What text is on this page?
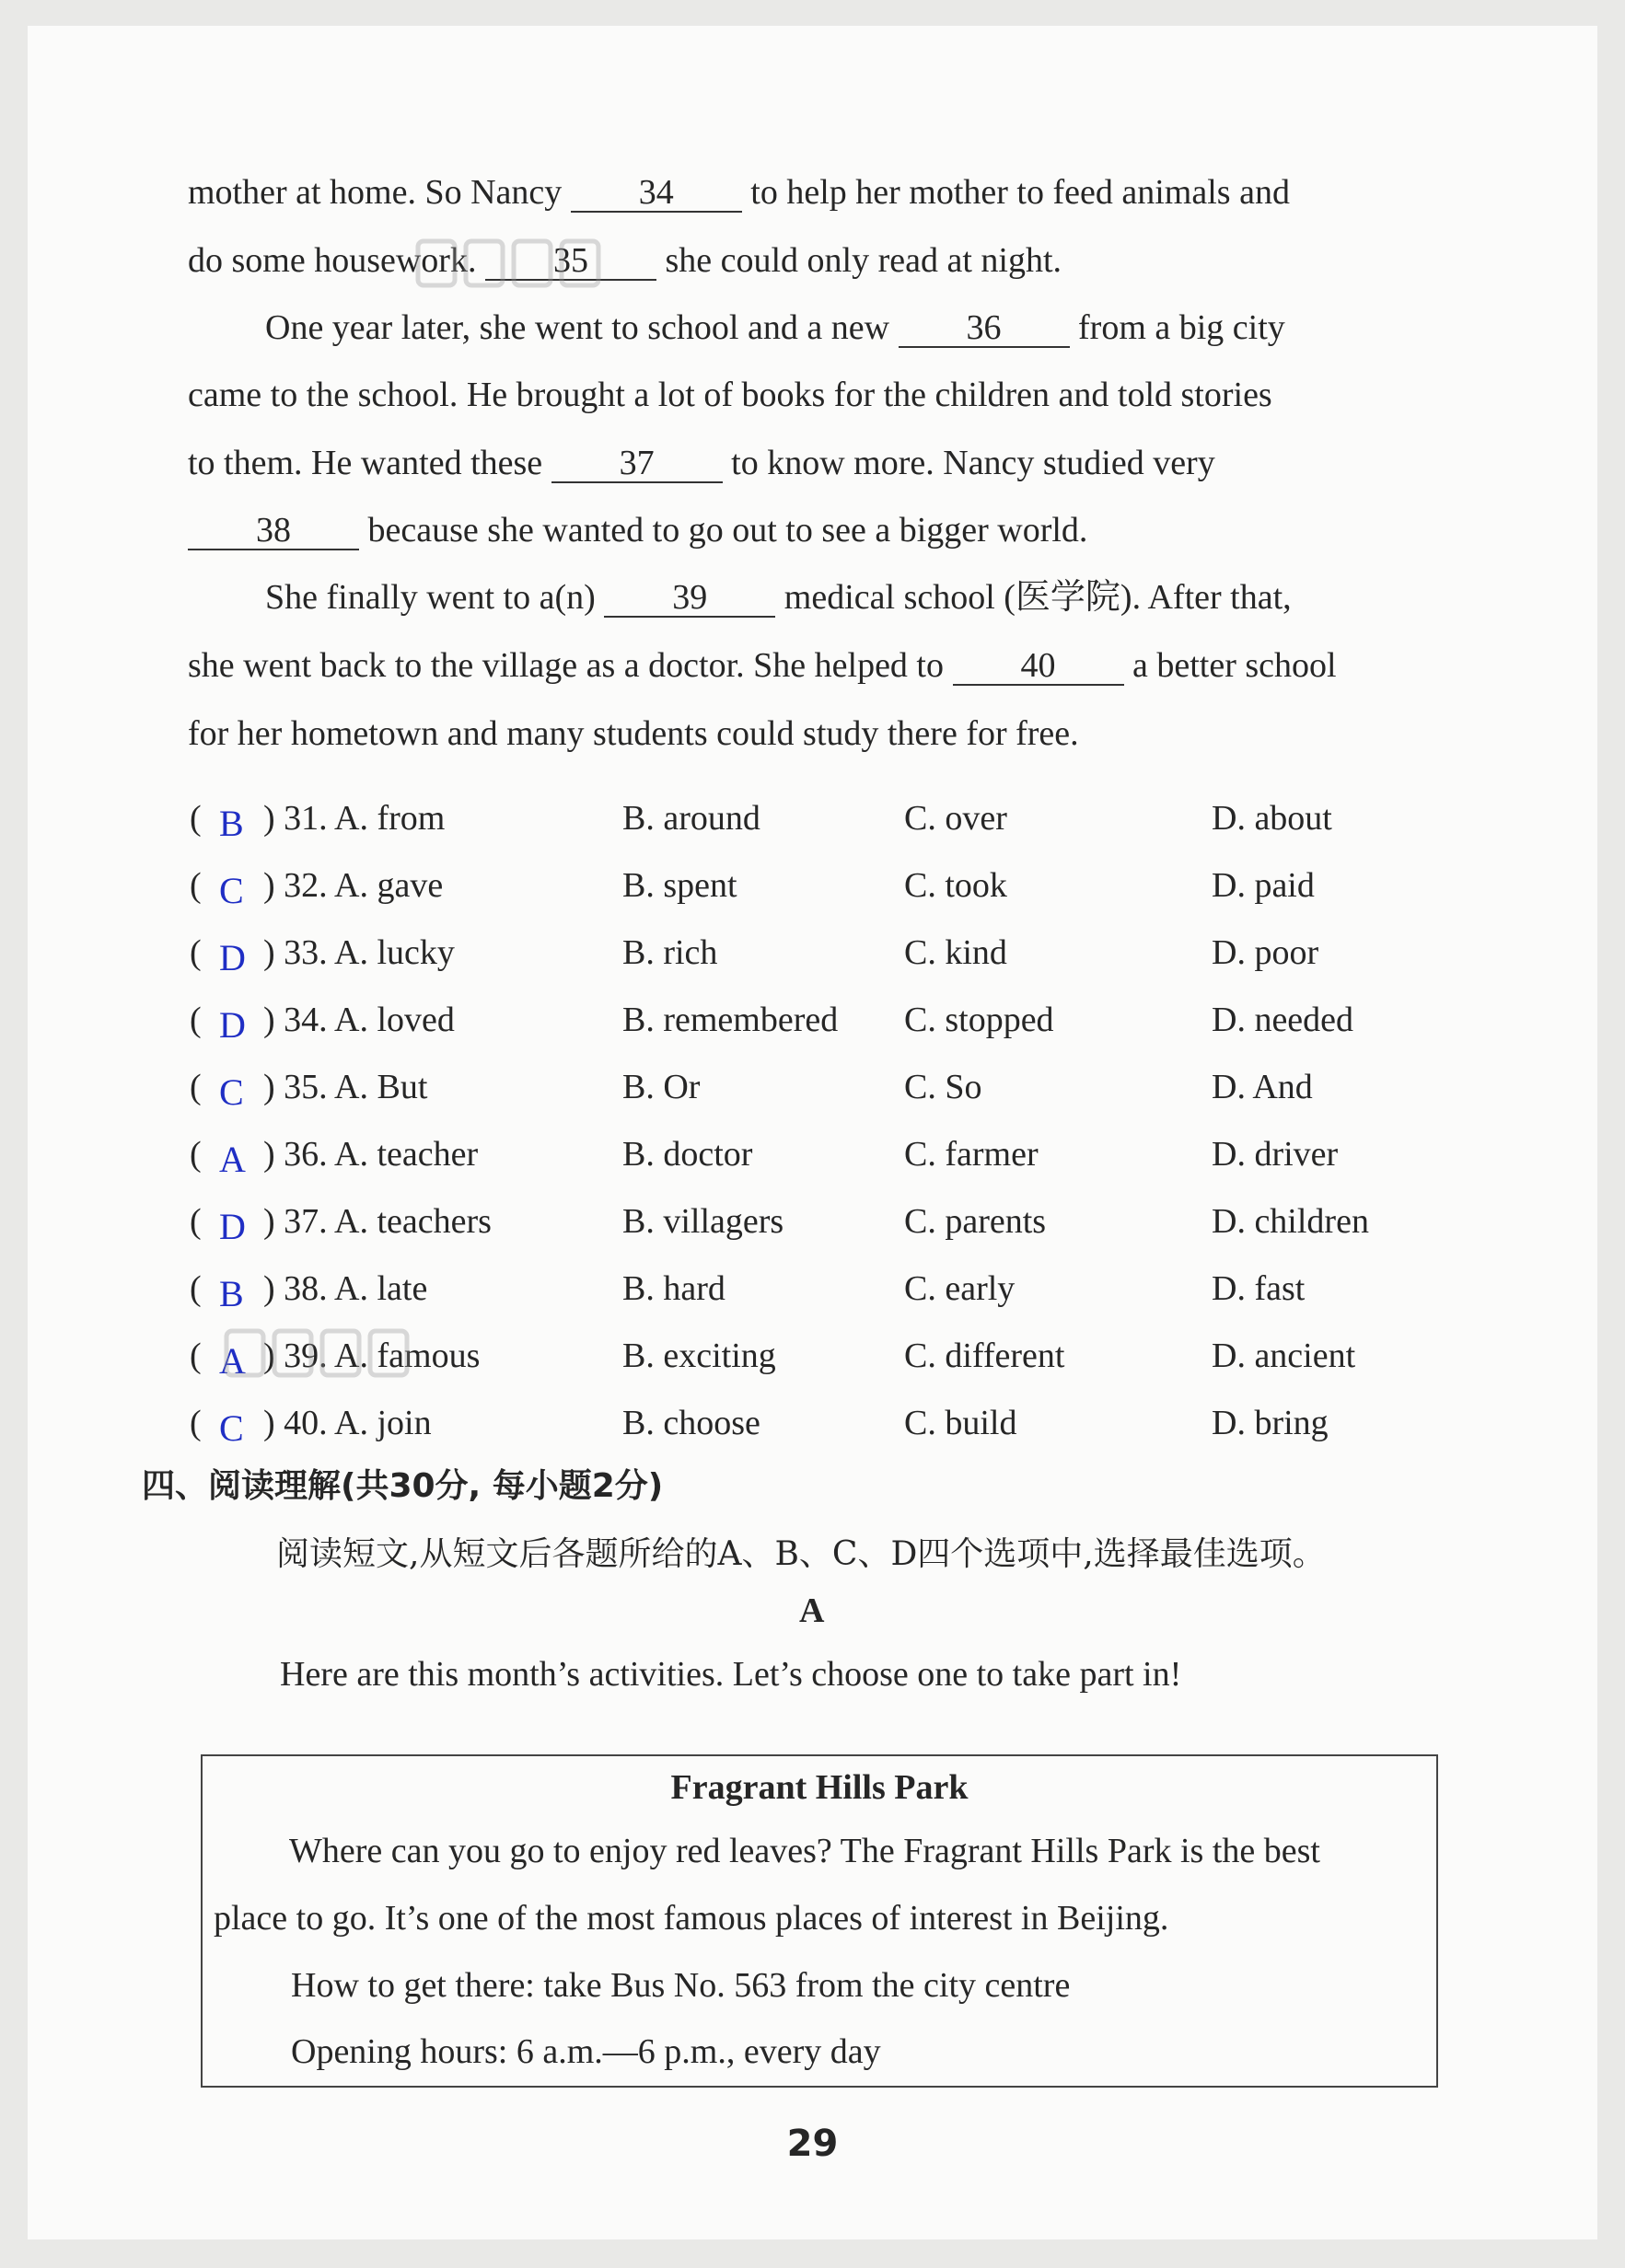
mother at home. So Nancy 34 to help her mother to feed animals and
do some housework. 35 she could only read at night.
One year later, she went to school and a new 36 from a big city
came to the school. He brought a lot of books for the children and told stories
to them. He wanted these 37 to know more. Nancy studied very
38 because she wanted to go out to see a bigger world.
She finally went to a(n) 39 medical school (医学院). After that,
she went back to the village as a doctor. She helped to 40 a better school
for her hometown and many students could study there for free.
( B ) 31. A. from	B. around	C. over	D. about
( C ) 32. A. gave	B. spent	C. took	D. paid
( D ) 33. A. lucky	B. rich	C. kind	D. poor
( D ) 34. A. loved	B. remembered C. stopped	D. needed
( C ) 35. A. But	B. Or	C. So	D. And
( A ) 36. A. teacher	B. doctor	C. farmer	D. driver
( D ) 37. A. teachers	B. villagers	C. parents	D. children
( B ) 38. A. late	B. hard	C. early	D. fast
( A ) 39. A. famous	B. exciting	C. different	D. ancient
( C ) 40. A. join	B. choose	C. build	D. bring
四、阅读理解(共30分, 每小题2分)
阅读短文,从短文后各题所给的A、B、C、D四个选项中,选择最佳选项。
A
Here are this month’s activities. Let’s choose one to take part in!
Fragrant Hills Park
Where can you go to enjoy red leaves? The Fragrant Hills Park is the best
place to go. It’s one of the most famous places of interest in Beijing.
How to get there: take Bus No. 563 from the city centre
Opening hours: 6 a.m.—6 p.m., every day
29
